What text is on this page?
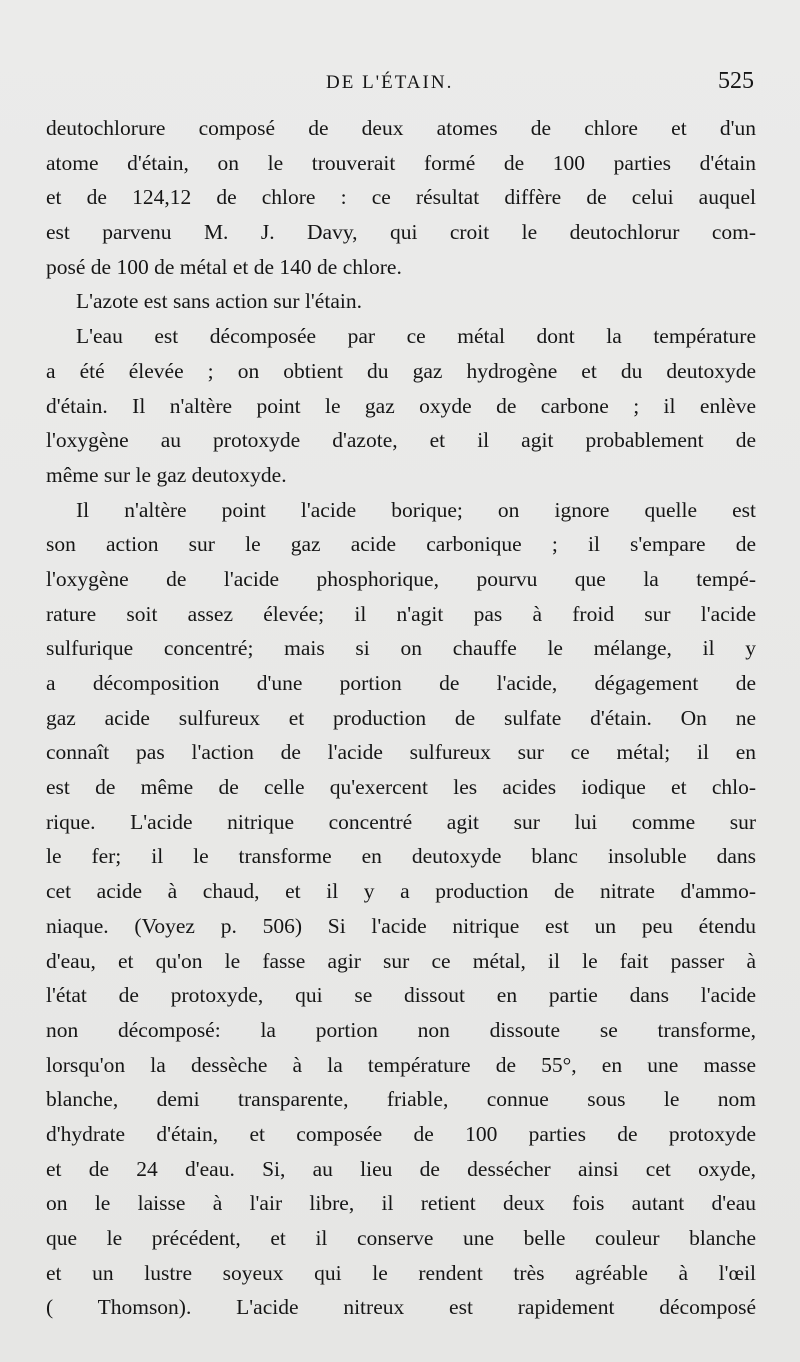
DE L'ÉTAIN.	525
deutochlorure composé de deux atomes de chlore et d'un
atome d'étain, on le trouverait formé de 100 parties d'étain
et de 124,12 de chlore : ce résultat diffère de celui auquel
est parvenu M. J. Davy, qui croit le deutochlorur com-
posé de 100 de métal et de 140 de chlore.
L'azote est sans action sur l'étain.
L'eau est décomposée par ce métal dont la température
a été élevée ; on obtient du gaz hydrogène et du deutoxyde
d'étain. Il n'altère point le gaz oxyde de carbone ; il enlève
l'oxygène au protoxyde d'azote, et il agit probablement de
même sur le gaz deutoxyde.
Il n'altère point l'acide borique; on ignore quelle est
son action sur le gaz acide carbonique ; il s'empare de
l'oxygène de l'acide phosphorique, pourvu que la tempé-
rature soit assez élevée; il n'agit pas à froid sur l'acide
sulfurique concentré; mais si on chauffe le mélange, il y
a décomposition d'une portion de l'acide, dégagement de
gaz acide sulfureux et production de sulfate d'étain. On ne
connaît pas l'action de l'acide sulfureux sur ce métal; il en
est de même de celle qu'exercent les acides iodique et chlo-
rique. L'acide nitrique concentré agit sur lui comme sur
le fer; il le transforme en deutoxyde blanc insoluble dans
cet acide à chaud, et il y a production de nitrate d'ammo-
niaque. (Voyez p. 506) Si l'acide nitrique est un peu étendu
d'eau, et qu'on le fasse agir sur ce métal, il le fait passer à
l'état de protoxyde, qui se dissout en partie dans l'acide
non décomposé: la portion non dissoute se transforme,
lorsqu'on la dessèche à la température de 55°, en une masse
blanche, demi transparente, friable, connue sous le nom
d'hydrate d'étain, et composée de 100 parties de protoxyde
et de 24 d'eau. Si, au lieu de dessécher ainsi cet oxyde,
on le laisse à l'air libre, il retient deux fois autant d'eau
que le précédent, et il conserve une belle couleur blanche
et un lustre soyeux qui le rendent très agréable à l'œil
( Thomson). L'acide nitreux est rapidement décomposé
